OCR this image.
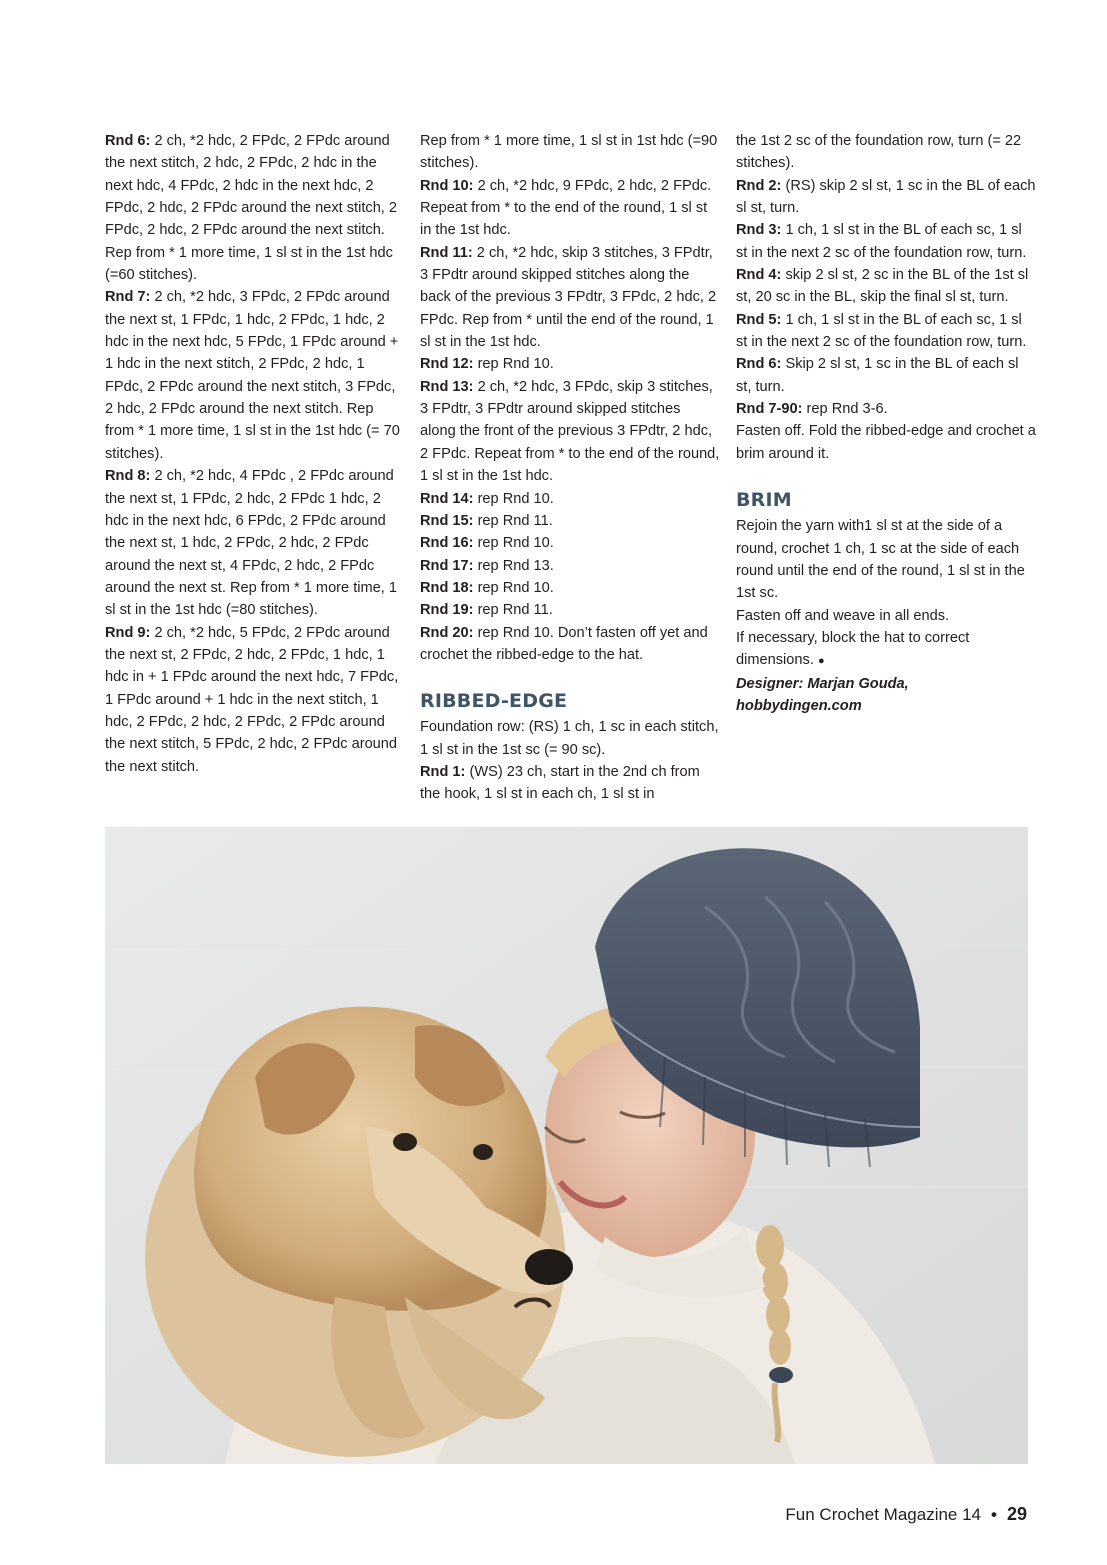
Rnd 6: 2 ch, *2 hdc, 2 FPdc, 2 FPdc around the next stitch, 2 hdc, 2 FPdc, 2 hdc in the next hdc, 4 FPdc, 2 hdc in the next hdc, 2 FPdc, 2 hdc, 2 FPdc around the next stitch, 2 FPdc, 2 hdc, 2 FPdc around the next stitch. Rep from * 1 more time, 1 sl st in the 1st hdc (=60 stitches).

Rnd 7: 2 ch, *2 hdc, 3 FPdc, 2 FPdc around the next st, 1 FPdc, 1 hdc, 2 FPdc, 1 hdc, 2 hdc in the next hdc, 5 FPdc, 1 FPdc around + 1 hdc in the next stitch, 2 FPdc, 2 hdc, 1 FPdc, 2 FPdc around the next stitch, 3 FPdc, 2 hdc, 2 FPdc around the next stitch. Rep from * 1 more time, 1 sl st in the 1st hdc (= 70 stitches).

Rnd 8: 2 ch, *2 hdc, 4 FPdc , 2 FPdc around the next st, 1 FPdc, 2 hdc, 2 FPdc 1 hdc, 2 hdc in the next hdc, 6 FPdc, 2 FPdc around the next st, 1 hdc, 2 FPdc, 2 hdc, 2 FPdc around the next st, 4 FPdc, 2 hdc, 2 FPdc around the next st. Rep from * 1 more time, 1 sl st in the 1st hdc (=80 stitches).

Rnd 9: 2 ch, *2 hdc, 5 FPdc, 2 FPdc around the next st, 2 FPdc, 2 hdc, 2 FPdc, 1 hdc, 1 hdc in + 1 FPdc around the next hdc, 7 FPdc, 1 FPdc around + 1 hdc in the next stitch, 1 hdc, 2 FPdc, 2 hdc, 2 FPdc, 2 FPdc around the next stitch, 5 FPdc, 2 hdc, 2 FPdc around the next stitch.

Rep from * 1 more time, 1 sl st in 1st hdc (=90 stitches).

Rnd 10: 2 ch, *2 hdc, 9 FPdc, 2 hdc, 2 FPdc. Repeat from * to the end of the round, 1 sl st in the 1st hdc.

Rnd 11: 2 ch, *2 hdc, skip 3 stitches, 3 FPdtr, 3 FPdtr around skipped stitches along the back of the previous 3 FPdtr, 3 FPdc, 2 hdc, 2 FPdc. Rep from * until the end of the round, 1 sl st in the 1st hdc.

Rnd 12: rep Rnd 10.

Rnd 13: 2 ch, *2 hdc, 3 FPdc, skip 3 stitches, 3 FPdtr, 3 FPdtr around skipped stitches along the front of the previous 3 FPdtr, 2 hdc, 2 FPdc. Repeat from * to the end of the round, 1 sl st in the 1st hdc.

Rnd 14: rep Rnd 10.

Rnd 15: rep Rnd 11.

Rnd 16: rep Rnd 10.

Rnd 17: rep Rnd 13.

Rnd 18: rep Rnd 10.

Rnd 19: rep Rnd 11.

Rnd 20: rep Rnd 10. Don’t fasten off yet and crochet the ribbed-edge to the hat.

RIBBED-EDGE

Foundation row: (RS) 1 ch, 1 sc in each stitch, 1 sl st in the 1st sc (= 90 sc).

Rnd 1: (WS) 23 ch, start in the 2nd ch from the hook, 1 sl st in each ch, 1 sl st in

the 1st 2 sc of the foundation row, turn (= 22 stitches).

Rnd 2: (RS) skip 2 sl st, 1 sc in the BL of each sl st, turn.

Rnd 3: 1 ch, 1 sl st in the BL of each sc, 1 sl st in the next 2 sc of the foundation row, turn.

Rnd 4: skip 2 sl st, 2 sc in the BL of the 1st sl st, 20 sc in the BL, skip the final sl st, turn.

Rnd 5: 1 ch, 1 sl st in the BL of each sc, 1 sl st in the next 2 sc of the foundation row, turn.

Rnd 6: Skip 2 sl st, 1 sc in the BL of each sl st, turn.

Rnd 7-90: rep Rnd 3-6.

Fasten off. Fold the ribbed-edge and crochet a brim around it.

BRIM

Rejoin the yarn with1 sl st at the side of a round, crochet 1 ch, 1 sc at the side of each round until the end of the round, 1 sl st in the 1st sc.

Fasten off and weave in all ends.

If necessary, block the hat to correct dimensions. ●

Designer: Marjan Gouda,

hobbydingen.com

Fun Crochet Magazine 14 • 29
